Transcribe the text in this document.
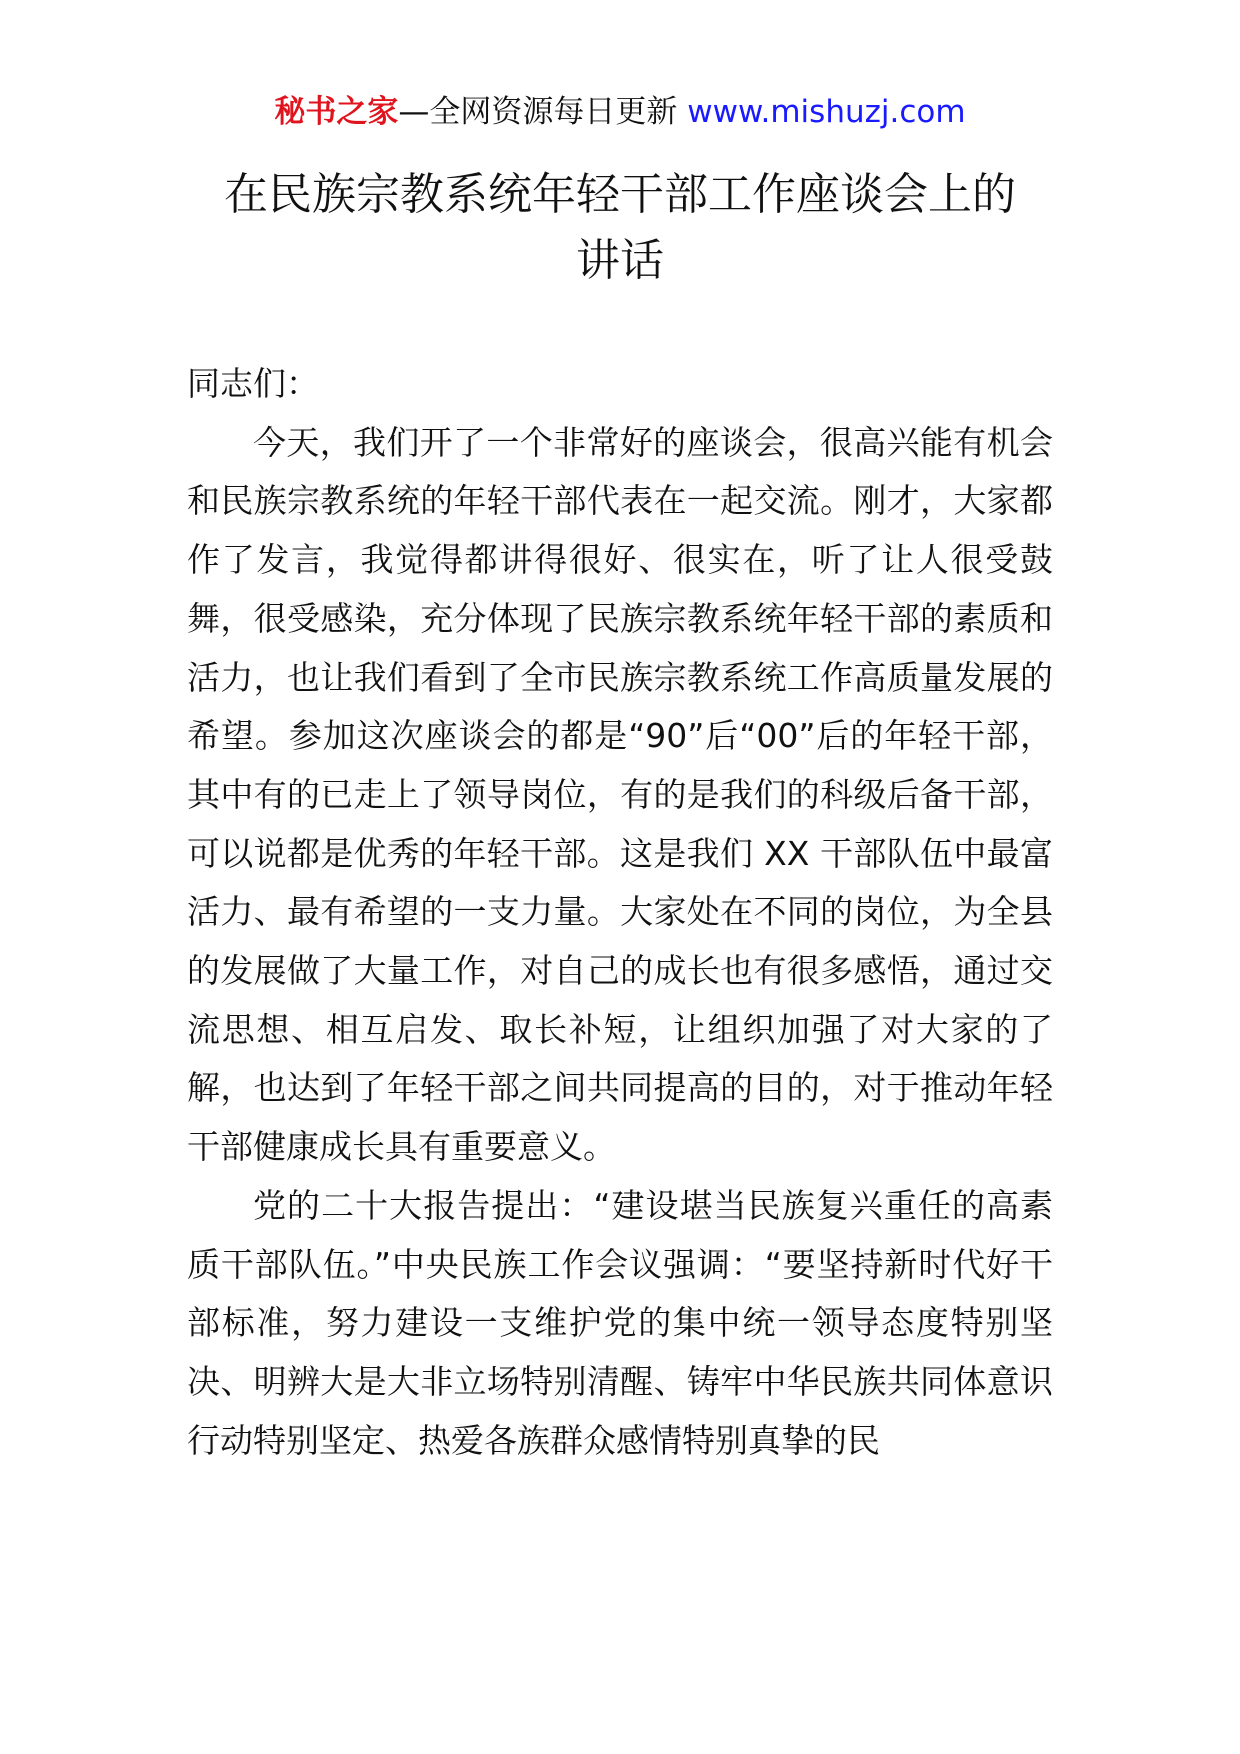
秘书之家—全网资源每日更新 www.mishuzj.com
在民族宗教系统年轻干部工作座谈会上的
讲话

同志们：

今天，我们开了一个非常好的座谈会，很高兴能有机会和民族宗教系统的年轻干部代表在一起交流。刚才，大家都作了发言，我觉得都讲得很好、很实在，听了让人很受鼓舞，很受感染，充分体现了民族宗教系统年轻干部的素质和活力，也让我们看到了全市民族宗教系统工作高质量发展的希望。参加这次座谈会的都是“90”后“00”后的年轻干部，其中有的已走上了领导岗位，有的是我们的科级后备干部，可以说都是优秀的年轻干部。这是我们 XX 干部队伍中最富活力、最有希望的一支力量。大家处在不同的岗位，为全县的发展做了大量工作，对自己的成长也有很多感悟，通过交流思想、相互启发、取长补短，让组织加强了对大家的了解，也达到了年轻干部之间共同提高的目的，对于推动年轻干部健康成长具有重要意义。

党的二十大报告提出：“建设堪当民族复兴重任的高素质干部队伍。”中央民族工作会议强调：“要坚持新时代好干部标准，努力建设一支维护党的集中统一领导态度特别坚决、明辨大是大非立场特别清醒、铸牢中华民族共同体意识行动特别坚定、热爱各族群众感情特别真挚的民
